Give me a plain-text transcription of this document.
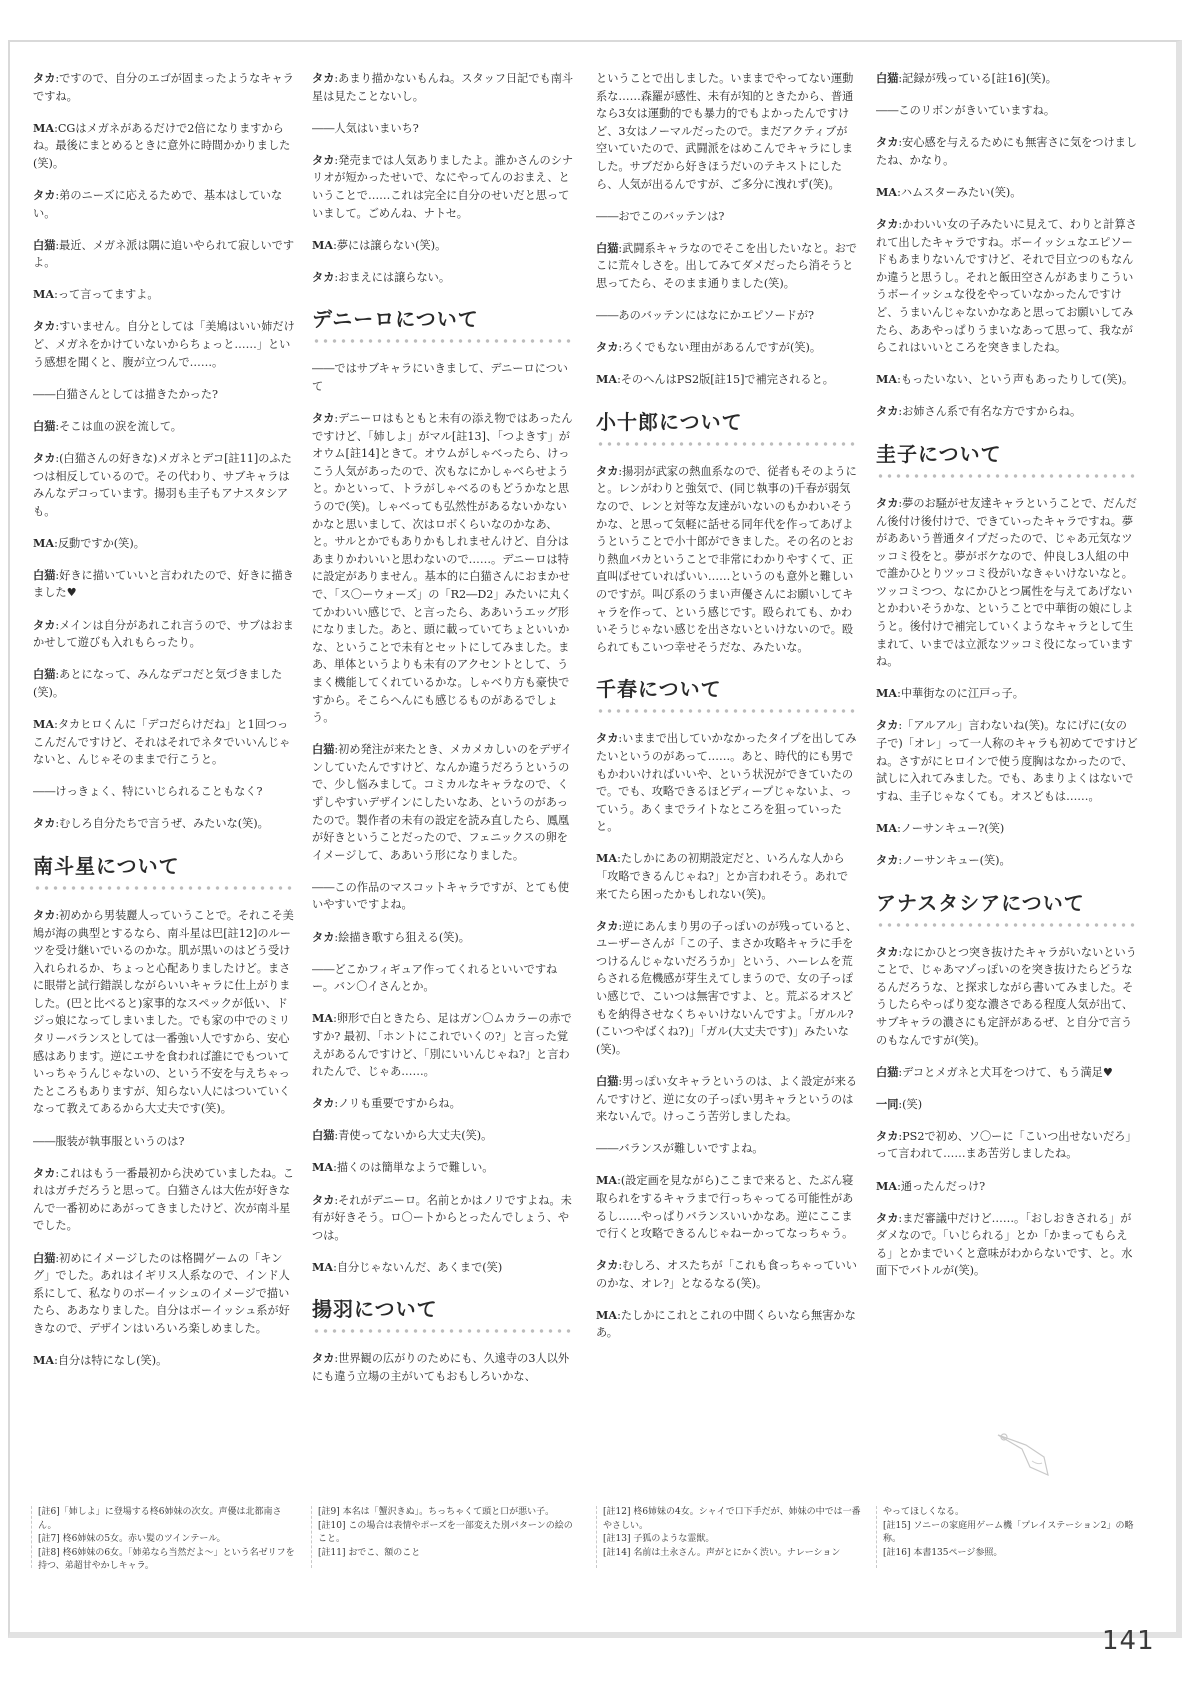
タカ:ですので、自分のエゴが固まったようなキャラですね。

MA:CGはメガネがあるだけで2倍になりますからね。最後にまとめるときに意外に時間かかりました(笑)。

タカ:弟のニーズに応えるためで、基本はしていない。

白猫:最近、メガネ派は隅に追いやられて寂しいですよ。

MA:って言ってますよ。

タカ:すいません。自分としては「美鳩はいい姉だけど、メガネをかけていないからちょっと……」という感想を聞くと、腹が立つんで……。

――白猫さんとしては描きたかった?

白猫:そこは血の涙を流して。

タカ:(白猫さんの好きな)メガネとデコ[註11]のふたつは相反しているので。その代わり、サブキャラはみんなデコっています。揚羽も圭子もアナスタシアも。

MA:反動ですか(笑)。

白猫:好きに描いていいと言われたので、好きに描きました♥

タカ:メインは自分があれこれ言うので、サブはおまかせして遊びも入れもらったり。

白猫:あとになって、みんなデコだと気づきました(笑)。

MA:タカヒロくんに「デコだらけだね」と1回つっこんだんですけど、それはそれでネタでいいんじゃないと、んじゃそのままで行こうと。

――けっきょく、特にいじられることもなく?

タカ:むしろ自分たちで言うぜ、みたいな(笑)。

南斗星について

タカ:初めから男装麗人っていうことで。それこそ美鳩が海の典型とするなら、南斗星は巴[註12]のルーツを受け継いでいるのかな。肌が黒いのはどう受け入れられるか、ちょっと心配ありましたけど。まさに眼帯と試行錯誤しながらいいキャラに仕上がりました。(巴と比べると)家事的なスペックが低い、ドジっ娘になってしまいました。でも家の中でのミリタリーバランスとしては一番強い人ですから、安心感はあります。逆にエサを食われば誰にでもついていっちゃうんじゃないの、という不安を与えちゃったところもありますが、知らない人にはついていくなって教えてあるから大丈夫です(笑)。

――服装が執事服というのは?

タカ:これはもう一番最初から決めていましたね。これはガチだろうと思って。白猫さんは大佐が好きなんで一番初めにあがってきましたけど、次が南斗星でした。

白猫:初めにイメージしたのは格闘ゲームの「キング」でした。あれはイギリス人系なので、インド人系にして、私なりのボーイッシュのイメージで描いたら、ああなりました。自分はボーイッシュ系が好きなので、デザインはいろいろ楽しめました。

MA:自分は特になし(笑)。

タカ:あまり描かないもんね。スタッフ日記でも南斗星は見たことないし。

――人気はいまいち?

タカ:発売までは人気ありましたよ。誰かさんのシナリオが短かったせいで、なにやってんのおまえ、ということで……これは完全に自分のせいだと思っていまして。ごめんね、ナトセ。

MA:夢には譲らない(笑)。

タカ:おまえには譲らない。

デニーロについて

――ではサブキャラにいきまして、デニーロについて

タカ:デニーロはもともと未有の添え物ではあったんですけど、「姉しよ」がマル[註13]、「つよきす」がオウム[註14]ときて。オウムがしゃべったら、けっこう人気があったので、次もなにかしゃべらせようと。かといって、トラがしゃべるのもどうかなと思うので(笑)。しゃべっても弘然性があるないかないかなと思いまして、次はロボくらいなのかなあ、と。サルとかでもありかもしれませんけど、自分はあまりかわいいと思わないので……。デニーロは特に設定がありません。基本的に白猫さんにおまかせで、「ス〇ーウォーズ」の「R2―D2」みたいに丸くてかわいい感じで、と言ったら、ああいうエッグ形になりました。あと、頭に載っていてちょといいかな、ということで未有とセットにしてみました。まあ、単体というよりも未有のアクセントとして、うまく機能してくれているかな。しゃべり方も豪快ですから。そこらへんにも感じるものがあるでしょう。

白猫:初め発注が来たとき、メカメカしいのをデザインしていたんですけど、なんか違うだろうというので、少し悩みまして。コミカルなキャラなので、くずしやすいデザインにしたいなあ、というのがあったので。製作者の未有の設定を読み直したら、鳳凰が好きということだったので、フェニックスの卵をイメージして、ああいう形になりました。

――この作品のマスコットキャラですが、とても使いやすいですよね。

タカ:絵描き歌すら狙える(笑)。

――どこかフィギュア作ってくれるといいですねー。バン〇イさんとか。

MA:卵形で白ときたら、足はガン〇ムカラーの赤ですか? 最初、「ホントにこれでいくの?」と言った覚えがあるんですけど、「別にいいんじゃね?」と言われたんで、じゃあ……。

タカ:ノリも重要ですからね。

白猫:青使ってないから大丈夫(笑)。

MA:描くのは簡単なようで難しい。

タカ:それがデニーロ。名前とかはノリですよね。未有が好きそう。ロ〇ートからとったんでしょう、やつは。

MA:自分じゃないんだ、あくまで(笑)

揚羽について

タカ:世界観の広がりのためにも、久遠寺の3人以外にも違う立場の主がいてもおもしろいかな、

ということで出しました。いままでやってない運動系な……森羅が感性、未有が知的ときたから、普通なら3女は運動的でも暴力的でもよかったんですけど、3女はノーマルだったので。まだアクティブが空いていたので、武闘派をはめこんでキャラにしました。サブだから好きほうだいのテキストにしたら、人気が出るんですが、ご多分に洩れず(笑)。

――おでこのバッテンは?

白猫:武闘系キャラなのでそこを出したいなと。おでこに荒々しさを。出してみてダメだったら消そうと思ってたら、そのまま通りました(笑)。

――あのバッテンにはなにかエピソードが?

タカ:ろくでもない理由があるんですが(笑)。

MA:そのへんはPS2版[註15]で補完されると。

小十郎について

タカ:揚羽が武家の熱血系なので、従者もそのようにと。レンがわりと強気で、(同じ執事の)千春が弱気なので、レンと対等な友達がいないのもかわいそうかな、と思って気軽に話せる同年代を作ってあげようということで小十郎ができました。その名のとおり熱血バカということで非常にわかりやすくて、正直叫ばせていればいい……というのも意外と難しいのですが。叫び系のうまい声優さんにお願いしてキャラを作って、という感じです。殴られても、かわいそうじゃない感じを出さないといけないので。殴られてもこいつ幸せそうだな、みたいな。

千春について

タカ:いままで出していかなかったタイプを出してみたいというのがあって……。あと、時代的にも男でもかわいければいいや、という状況ができていたので。でも、攻略できるほどディープじゃないよ、っていう。あくまでライトなところを狙っていったと。

MA:たしかにあの初期設定だと、いろんな人から「攻略できるんじゃね?」とか言われそう。あれで来てたら困ったかもしれない(笑)。

タカ:逆にあんまり男の子っぽいのが残っていると、ユーザーさんが「この子、まさか攻略キャラに手をつけるんじゃないだろうか」という、ハーレムを荒らされる危機感が芽生えてしまうので、女の子っぽい感じで、こいつは無害ですよ、と。荒ぶるオスどもを納得させなくちゃいけないんですよ。「ガルル?(こいつやばくね?)」「ガル(大丈夫です)」みたいな(笑)。

白猫:男っぽい女キャラというのは、よく設定が来るんですけど、逆に女の子っぽい男キャラというのは来ないんで。けっこう苦労しましたね。

――バランスが難しいですよね。

MA:(設定画を見ながら)ここまで来ると、たぶん寝取られをするキャラまで行っちゃってる可能性があるし……やっぱりバランスいいかなあ。逆にここまで行くと攻略できるんじゃねーかってなっちゃう。

タカ:むしろ、オスたちが「これも食っちゃっていいのかな、オレ?」となるなる(笑)。

MA:たしかにこれとこれの中間くらいなら無害かなあ。

白猫:記録が残っている[註16](笑)。

――このリボンがきいていますね。

タカ:安心感を与えるためにも無害さに気をつけましたね、かなり。

MA:ハムスターみたい(笑)。

タカ:かわいい女の子みたいに見えて、わりと計算されて出したキャラですね。ボーイッシュなエピソードもあまりないんですけど、それで目立つのもなんか違うと思うし。それと飯田空さんがあまりこういうボーイッシュな役をやっていなかったんですけど、うまいんじゃないかなあと思ってお願いしてみたら、ああやっぱりうまいなあって思って、我ながらこれはいいところを突きましたね。

MA:もったいない、という声もあったりして(笑)。

タカ:お姉さん系で有名な方ですからね。

圭子について

タカ:夢のお騒がせ友達キャラということで、だんだん後付け後付けで、できていったキャラですね。夢がああいう普通タイプだったので、じゃあ元気なツッコミ役をと。夢がボケなので、仲良し3人組の中で誰かひとりツッコミ役がいなきゃいけないなと。ツッコミつつ、なにかひとつ属性を与えてあげないとかわいそうかな、ということで中華街の娘にしようと。後付けで補完していくようなキャラとして生まれて、いまでは立派なツッコミ役になっていますね。

MA:中華街なのに江戸っ子。

タカ:「アルアル」言わないね(笑)。なにげに(女の子で)「オレ」って一人称のキャラも初めてですけどね。さすがにヒロインで使う度胸はなかったので、試しに入れてみました。でも、あまりよくはないですね、圭子じゃなくても。オスどもは……。

MA:ノーサンキュー?(笑)

タカ:ノーサンキュー(笑)。

アナスタシアについて

タカ:なにかひとつ突き抜けたキャラがいないということで、じゃあマゾっぽいのを突き抜けたらどうなるんだろうな、と探求しながら書いてみました。そうしたらやっぱり変な濃さである程度人気が出て、サブキャラの濃さにも定評があるぜ、と自分で言うのもなんですが(笑)。

白猫:デコとメガネと犬耳をつけて、もう満足♥

一同:(笑)

タカ:PS2で初め、ソ〇ーに「こいつ出せないだろ」って言われて……まあ苦労しましたね。

MA:通ったんだっけ?

タカ:まだ審議中だけど……。「おしおきされる」がダメなので。「いじられる」とか「かまってもらえる」とかまでいくと意味がわからないです、と。水面下でバトルが(笑)。

[註6]「姉しよ」に登場する柊6姉妹の次女。声優は北都南さん。

[註7] 柊6姉妹の5女。赤い髪のツインテール。

[註8] 柊6姉妹の6女。「姉弟なら当然だよ〜」という名ゼリフを持つ、弟超甘やかしキャラ。

[註9] 本名は「蟹沢きぬ」。ちっちゃくて頭と口が悪い子。

[註10] この場合は表情やポーズを一部変えた別パターンの絵のこと。

[註11] おでこ、額のこと

[註12] 柊6姉妹の4女。シャイで口下手だが、姉妹の中では一番やさしい。

[註13] 子狐のような霊獣。

[註14] 名前は土永さん。声がとにかく渋い。ナレーション

やってほしくなる。

[註15] ソニーの家庭用ゲーム機「プレイステーション2」の略称。

[註16] 本書135ページ参照。

141
